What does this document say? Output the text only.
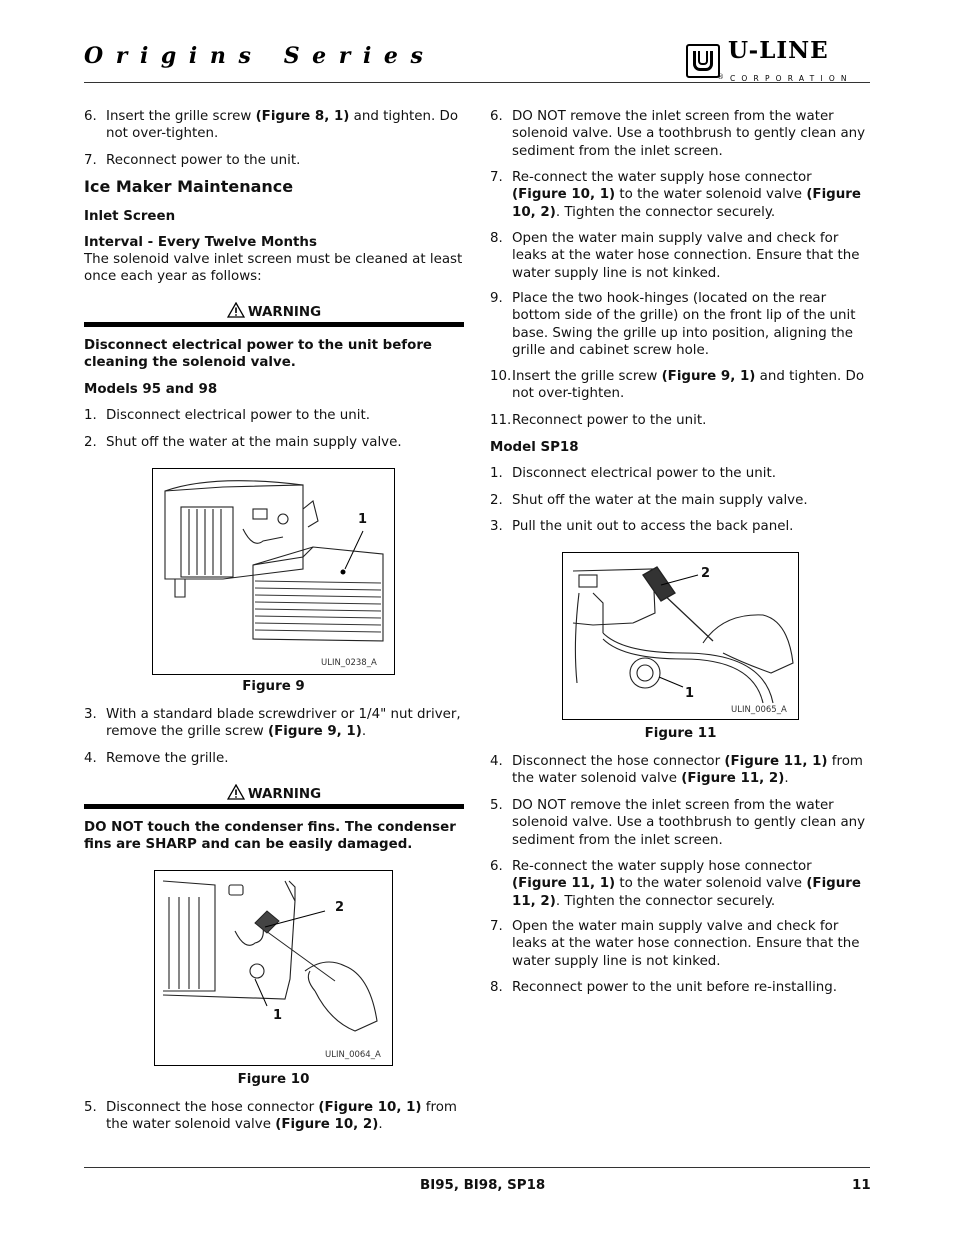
Origins Series	U-LINE
® CORPORATION
6. Insert the grille screw (Figure 8, 1) and tighten. Do not over-tighten.
7. Reconnect power to the unit.
Ice Maker Maintenance
Inlet Screen
Interval - Every Twelve Months
The solenoid valve inlet screen must be cleaned at least once each year as follows:
WARNING
Disconnect electrical power to the unit before cleaning the solenoid valve.
Models 95 and 98
1. Disconnect electrical power to the unit.
2. Shut off the water at the main supply valve.
1
ULIN_0238_A
Figure 9
3. With a standard blade screwdriver or 1/4" nut driver, remove the grille screw (Figure 9, 1).
4. Remove the grille.
WARNING
DO NOT touch the condenser fins. The condenser fins are SHARP and can be easily damaged.
2
1
ULIN_0064_A
Figure 10
5. Disconnect the hose connector (Figure 10, 1) from the water solenoid valve (Figure 10, 2).
6. DO NOT remove the inlet screen from the water solenoid valve. Use a toothbrush to gently clean any sediment from the inlet screen.
7. Re-connect the water supply hose connector (Figure 10, 1) to the water solenoid valve (Figure 10, 2). Tighten the connector securely.
8. Open the water main supply valve and check for leaks at the water hose connection. Ensure that the water supply line is not kinked.
9. Place the two hook-hinges (located on the rear bottom side of the grille) on the front lip of the unit base. Swing the grille up into position, aligning the grille and cabinet screw hole.
10. Insert the grille screw (Figure 9, 1) and tighten. Do not over-tighten.
11. Reconnect power to the unit.
Model SP18
1. Disconnect electrical power to the unit.
2. Shut off the water at the main supply valve.
3. Pull the unit out to access the back panel.
2
1
ULIN_0065_A
Figure 11
4. Disconnect the hose connector (Figure 11, 1) from the water solenoid valve (Figure 11, 2).
5. DO NOT remove the inlet screen from the water solenoid valve. Use a toothbrush to gently clean any sediment from the inlet screen.
6. Re-connect the water supply hose connector (Figure 11, 1) to the water solenoid valve (Figure 11, 2). Tighten the connector securely.
7. Open the water main supply valve and check for leaks at the water hose connection. Ensure that the water supply line is not kinked.
8. Reconnect power to the unit before re-installing.
BI95, BI98, SP18	11
